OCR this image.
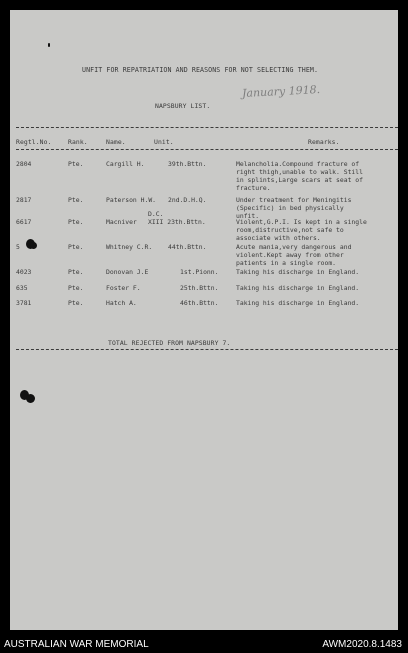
UNFIT FOR REPATRIATION AND REASONS FOR NOT SELECTING THEM.
January 1918.
NAPSBURY LIST.
Regtl.No.	Rank.	Name.	Unit.	Remarks.
2804	Pte.	Cargill H.	39th.Bttn.	Melancholia.Compound fracture of
right thigh,unable to walk. Still
in splints,Large scars at seat of
fracture.
2817	Pte.	Paterson H.W. 2nd.D.H.Q.	Under treatment for Meningitis
(Specific) in bed physically
unfit.
6617	Pte.	Macniver
D.C.
XIII 23th.Bttn.	Violent,G.P.I. Is kept in a single
room,distructive,not safe to
associate with others.
5	Pte.	Whitney C.R. 44th.Bttn.	Acute mania,very dangerous and
violent.Kept away from other
patients in a single room.
4023	Pte.	Donovan J.E	1st.Pionn.	Taking his discharge in England.
635	Pte.	Foster F.	25th.Bttn.	Taking his discharge in England.
3781	Pte.	Hatch A.	46th.Bttn.	Taking his discharge in England.
TOTAL REJECTED FROM NAPSBURY 7.
AUSTRALIAN WAR MEMORIAL	AWM2020.8.1483
